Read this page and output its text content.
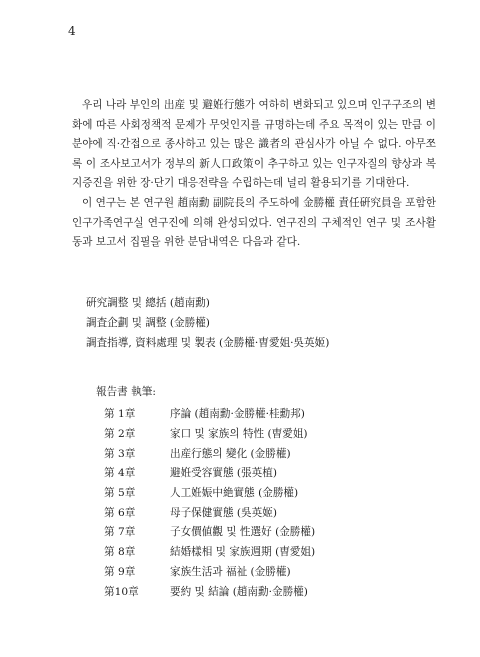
4

우리 나라 부인의 出産 및 避姙行態가 여하히 변화되고 있으며 인구구조의 변화에 따른 사회정책적 문제가 무엇인지를 규명하는데 주요 목적이 있는 만큼 이 분야에 직·간접으로 종사하고 있는 많은 識者의 관심사가 아닐 수 없다. 아무쪼록 이 조사보고서가 정부의 新人口政策이 추구하고 있는 인구자질의 향상과 복지증진을 위한 장·단기 대응전략을 수립하는데 널리 활용되기를 기대한다.

이 연구는 본 연구원 趙南勳 副院長의 주도하에 金勝權 責任硏究員을 포함한 인구가족연구실 연구진에 의해 완성되었다. 연구진의 구체적인 연구 및 조사활동과 보고서 집필을 위한 분담내역은 다음과 같다.

硏究調整 및 總括 (趙南勳)
調査企劃 및 調整 (金勝權)
調査指導, 資料處理 및 製表 (金勝權·曺愛姐·吳英姬)
報告書 執筆:
第 1章	序論 (趙南勳·金勝權·桂勳邦)
第 2章	家口 및 家族의 特性 (曺愛姐)
第 3章	出産行態의 變化 (金勝權)
第 4章	避姙受容實態 (張英植)
第 5章	人工姙娠中絶實態 (金勝權)
第 6章	母子保健實態 (吳英姬)
第 7章	子女價値觀 및 性選好 (金勝權)
第 8章	結婚樣相 및 家族週期 (曺愛姐)
第 9章	家族生活과 福祉 (金勝權)
第10章	要約 및 結論 (趙南勳·金勝權)
